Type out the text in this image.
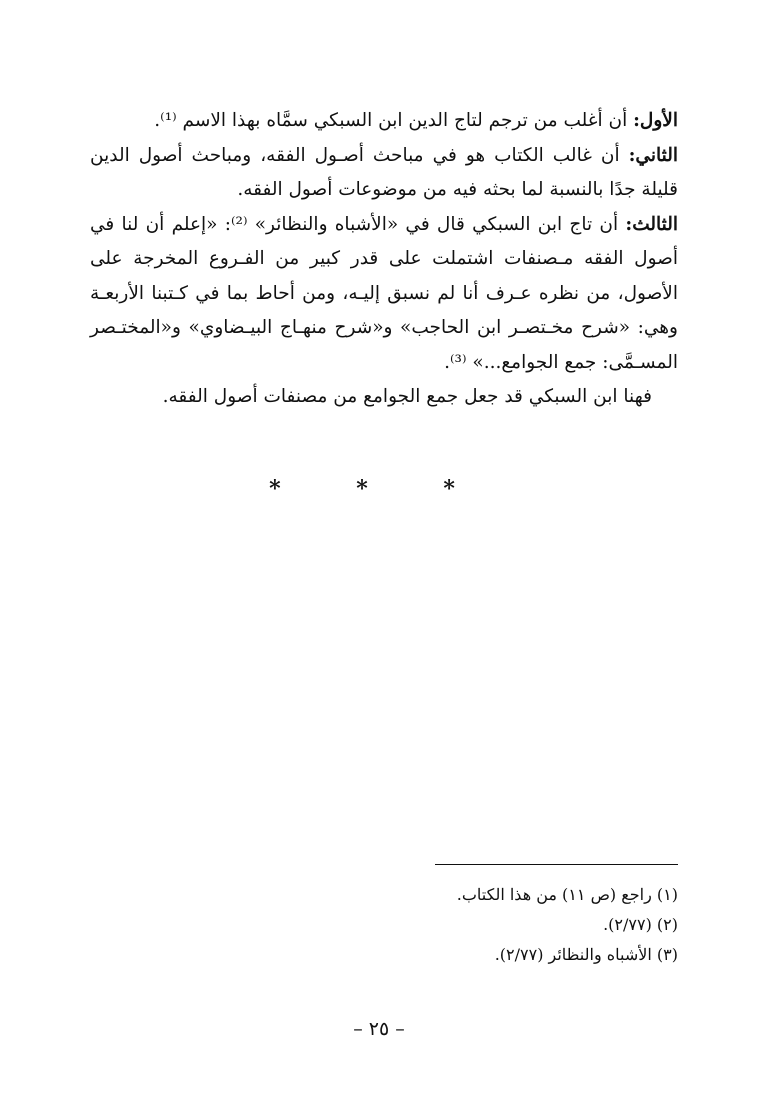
الأول: أن أغلب من ترجم لتاج الدين ابن السبكي سمَّاه بهذا الاسم ⁽¹⁾.

الثاني: أن غالب الكتاب هو في مباحث أصـول الفقه، ومباحث أصول الدين قليلة جدًا بالنسبة لما بحثه فيه من موضوعات أصول الفقه.

الثالث: أن تاج ابن السبكي قال في «الأشباه والنظائر» ⁽²⁾: «إعلم أن لنا في أصول الفقه مـصنفات اشتملت على قدر كبير من الفـروع المخرجة على الأصول، من نظره عـرف أنا لم نسبق إليـه، ومن أحاط بما في كـتبنا الأربعـة وهي: «شرح مخـتصـر ابن الحاجب» و«شرح منهـاج البيـضاوي» و«المختـصر المسـمَّى: جمع الجوامع...» ⁽³⁾.

فهنا ابن السبكي قد جعل جمع الجوامع من مصنفات أصول الفقه.

* * *

(١) راجع (ص ١١) من هذا الكتاب.

(٢) (٢/٧٧).

(٣) الأشباه والنظائر (٢/٧٧).

– ٢٥ –
